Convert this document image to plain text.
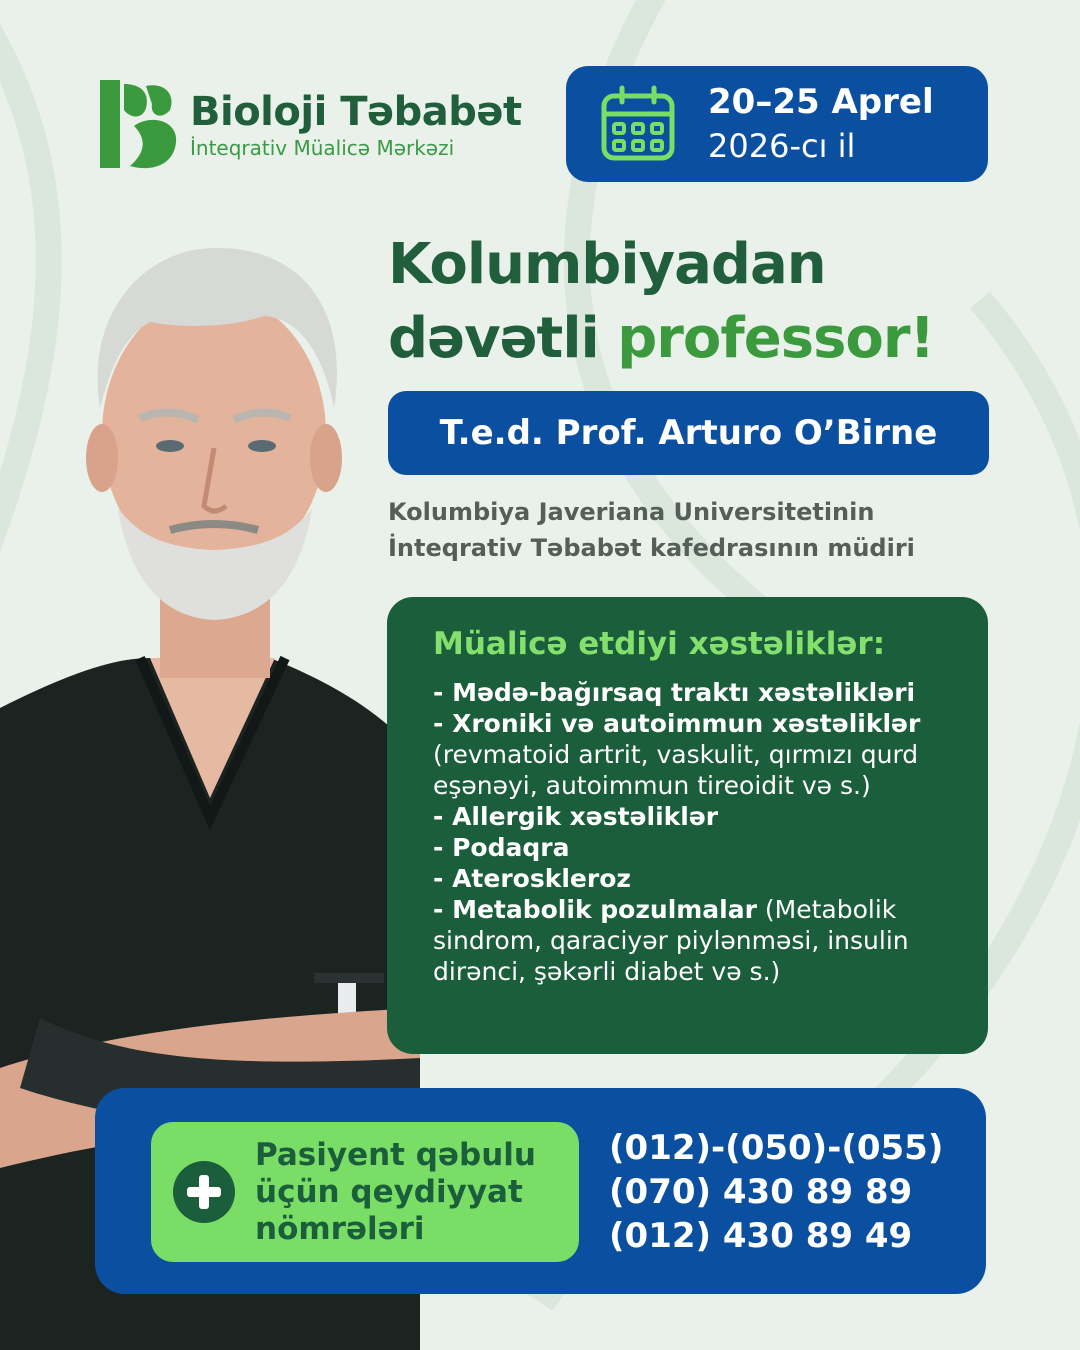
Bioloji Təbabət
İnteqrativ Müalicə Mərkəzi
20–25 Aprel
2026-cı il
Kolumbiyadan
dəvətli professor!
T.e.d. Prof. Arturo O’Birne
Kolumbiya Javeriana Universitetinin
İnteqrativ Təbabət kafedrasının müdiri
Müalicə etdiyi xəstəliklər:
- Mədə-bağırsaq traktı xəstəlikləri
- Xroniki və autoimmun xəstəliklər
(revmatoid artrit, vaskulit, qırmızı qurd eşənəyi, autoimmun tireoidit və s.)
- Allergik xəstəliklər
- Podaqra
- Ateroskleroz
- Metabolik pozulmalar (Metabolik sindrom, qaraciyər piylənməsi, insulin dirənci, şəkərli diabet və s.)
Pasiyent qəbulu
üçün qeydiyyat
nömrələri
(012)-(050)-(055)
(070) 430 89 89
(012) 430 89 49
